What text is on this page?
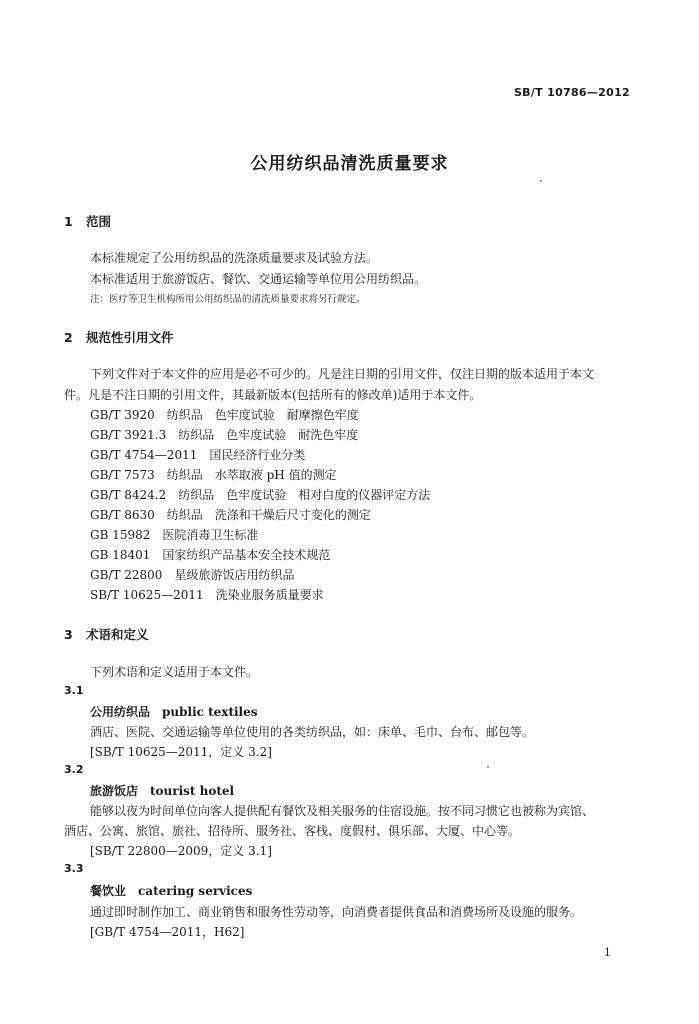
SB/T 10786—2012
公用纺织品清洗质量要求
1 范围
本标准规定了公用纺织品的洗涤质量要求及试验方法。
本标准适用于旅游饭店、餐饮、交通运输等单位用公用纺织品。
注：医疗等卫生机构所用公用纺织品的清洗质量要求将另行规定。
2 规范性引用文件
下列文件对于本文件的应用是必不可少的。凡是注日期的引用文件，仅注日期的版本适用于本文
件。凡是不注日期的引用文件，其最新版本(包括所有的修改单)适用于本文件。
GB/T 3920　纺织品　色牢度试验　耐摩擦色牢度
GB/T 3921.3　纺织品　色牢度试验　耐洗色牢度
GB/T 4754—2011　国民经济行业分类
GB/T 7573　纺织品　水萃取液 pH 值的测定
GB/T 8424.2　纺织品　色牢度试验　相对白度的仪器评定方法
GB/T 8630　纺织品　洗涤和干燥后尺寸变化的测定
GB 15982　医院消毒卫生标准
GB 18401　国家纺织产品基本安全技术规范
GB/T 22800　星级旅游饭店用纺织品
SB/T 10625—2011　洗染业服务质量要求
3 术语和定义
下列术语和定义适用于本文件。
3.1
公用纺织品　public textiles
酒店、医院、交通运输等单位使用的各类纺织品，如：床单、毛巾、台布、邮包等。
[SB/T 10625—2011，定义 3.2]
3.2
旅游饭店　tourist hotel
能够以夜为时间单位向客人提供配有餐饮及相关服务的住宿设施。按不同习惯它也被称为宾馆、
酒店、公寓、旅馆、旅社、招待所、服务社、客栈、度假村、俱乐部、大厦、中心等。
[SB/T 22800—2009，定义 3.1]
3.3
餐饮业　catering services
通过即时制作加工、商业销售和服务性劳动等，向消费者提供食品和消费场所及设施的服务。
[GB/T 4754—2011，H62]
1
